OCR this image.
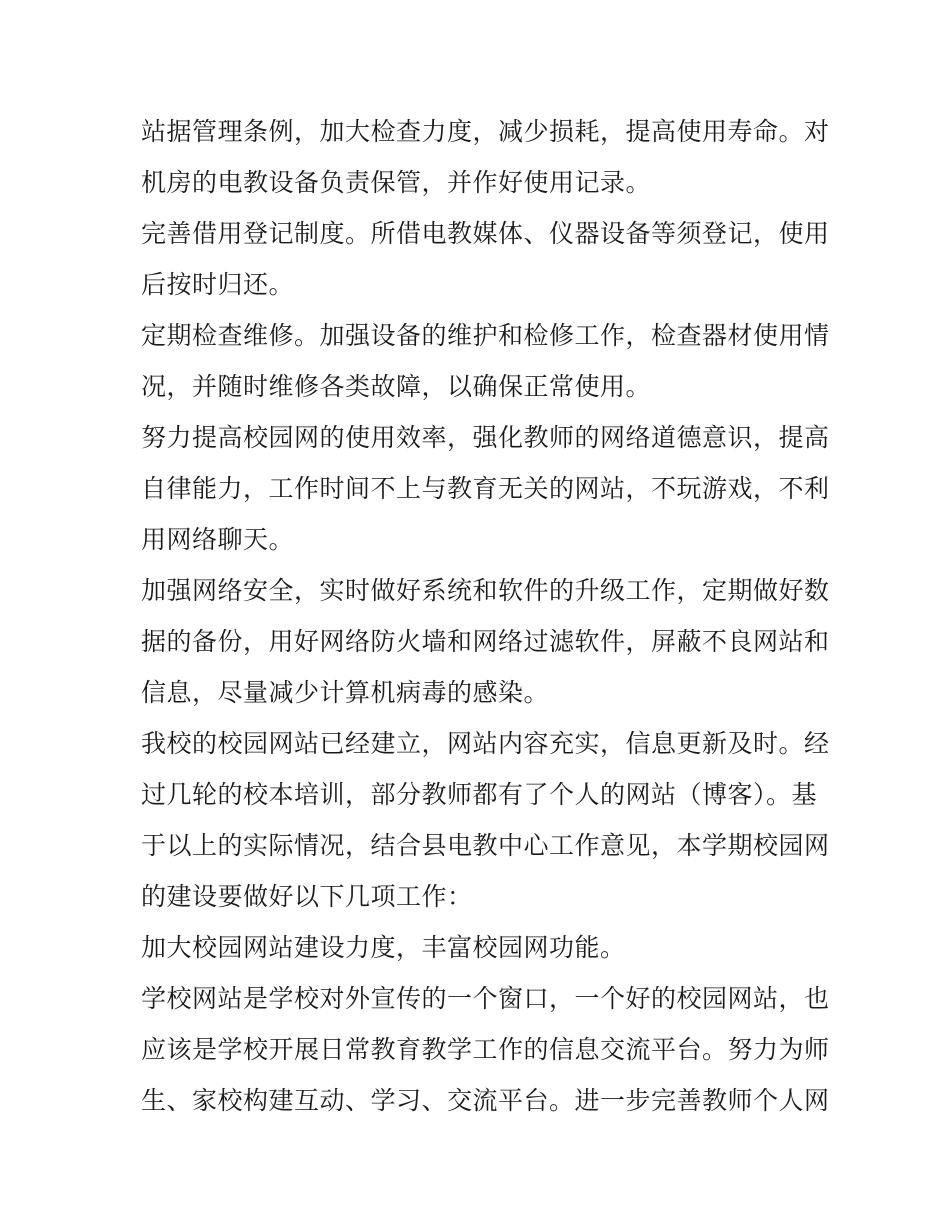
站据管理条例，加大检查力度，减少损耗，提高使用寿命。对
机房的电教设备负责保管，并作好使用记录。
完善借用登记制度。所借电教媒体、仪器设备等须登记，使用
后按时归还。
定期检查维修。加强设备的维护和检修工作，检查器材使用情
况，并随时维修各类故障，以确保正常使用。
努力提高校园网的使用效率，强化教师的网络道德意识，提高
自律能力，工作时间不上与教育无关的网站，不玩游戏，不利
用网络聊天。
加强网络安全，实时做好系统和软件的升级工作，定期做好数
据的备份，用好网络防火墙和网络过滤软件，屏蔽不良网站和
信息，尽量减少计算机病毒的感染。
我校的校园网站已经建立，网站内容充实，信息更新及时。经
过几轮的校本培训，部分教师都有了个人的网站（博客）。基
于以上的实际情况，结合县电教中心工作意见，本学期校园网
的建设要做好以下几项工作：
加大校园网站建设力度，丰富校园网功能。
学校网站是学校对外宣传的一个窗口，一个好的校园网站，也
应该是学校开展日常教育教学工作的信息交流平台。努力为师
生、家校构建互动、学习、交流平台。进一步完善教师个人网
